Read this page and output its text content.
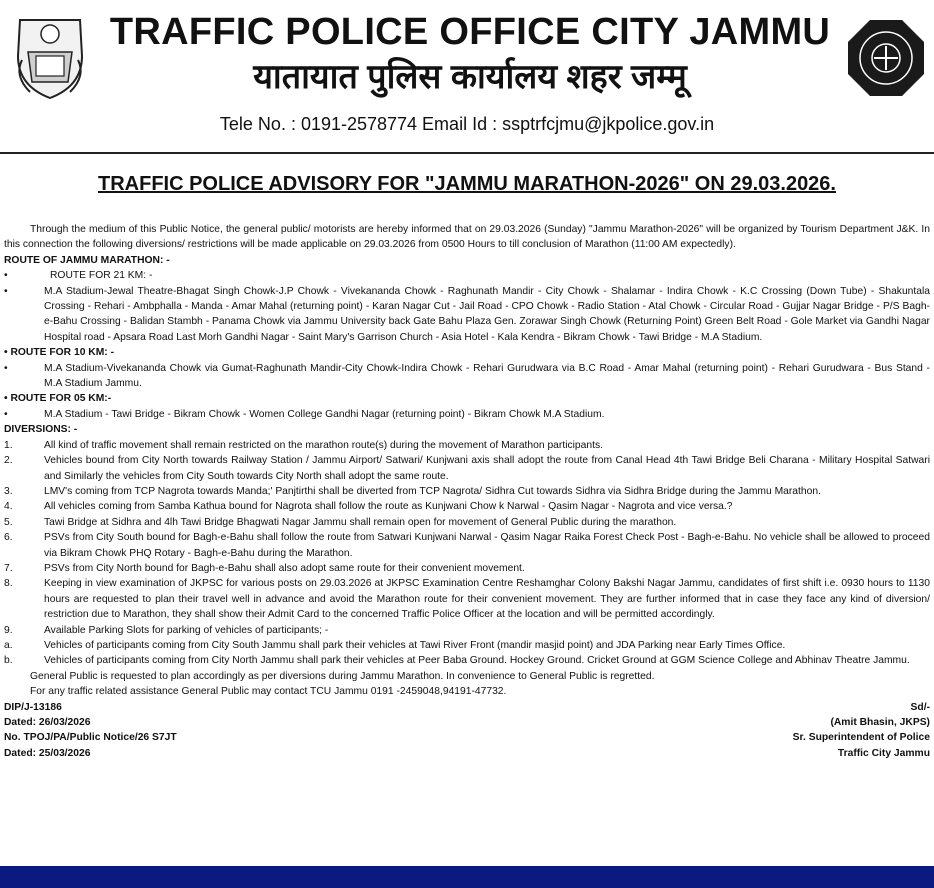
TRAFFIC POLICE OFFICE CITY JAMMU
यातायात पुलिस कार्यालय शहर जम्मू
Tele No. : 0191-2578774 Email Id : ssptrfcjmu@jkpolice.gov.in
TRAFFIC POLICE ADVISORY FOR "JAMMU MARATHON-2026" ON 29.03.2026.

Through the medium of this Public Notice, the general public/ motorists are hereby informed that on 29.03.2026 (Sunday) "Jammu Marathon-2026" will be organized by Tourism Department J&K. In this connection the following diversions/ restrictions will be made applicable on 29.03.2026 from 0500 Hours to till conclusion of Marathon (11:00 AM expectedly).

ROUTE OF JAMMU MARATHON: -

•	ROUTE FOR 21 KM: -
•	M.A Stadium-Jewal Theatre-Bhagat Singh Chowk-J.P Chowk - Vivekananda Chowk - Raghunath Mandir - City Chowk - Shalamar - Indira Chowk - K.C Crossing (Down Tube) - Shakuntala Crossing - Rehari - Ambphalla - Manda - Amar Mahal (returning point) - Karan Nagar Cut - Jail Road - CPO Chowk - Radio Station - Atal Chowk - Circular Road - Gujjar Nagar Bridge - P/S Bagh-e-Bahu Crossing - Balidan Stambh - Panama Chowk via Jammu University back Gate Bahu Plaza Gen. Zorawar Singh Chowk (Returning Point) Green Belt Road - Gole Market via Gandhi Nagar Hospital road - Apsara Road Last Morh Gandhi Nagar - Saint Mary's Garrison Church - Asia Hotel - Kala Kendra - Bikram Chowk - Tawi Bridge - M.A Stadium.

• ROUTE FOR 10 KM: -

•	M.A Stadium-Vivekananda Chowk via Gumat-Raghunath Mandir-City Chowk-Indira Chowk - Rehari Gurudwara via B.C Road - Amar Mahal (returning point) - Rehari Gurudwara - Bus Stand - M.A Stadium Jammu.

• ROUTE FOR 05 KM:-

•	M.A Stadium - Tawi Bridge - Bikram Chowk - Women College Gandhi Nagar (returning point) - Bikram Chowk M.A Stadium.

DIVERSIONS: -

1.	All kind of traffic movement shall remain restricted on the marathon route(s) during the movement of Marathon participants.
2.	Vehicles bound from City North towards Railway Station / Jammu Airport/ Satwari/ Kunjwani axis shall adopt the route from Canal Head 4th Tawi Bridge Beli Charana - Military Hospital Satwari and Similarly the vehicles from City South towards City North shall adopt the same route.
3.	LMV's coming from TCP Nagrota towards Manda;' Panjtirthi shall be diverted from TCP Nagrota/ Sidhra Cut towards Sidhra via Sidhra Bridge during the Jammu Marathon.
4.	All vehicles coming from Samba Kathua bound for Nagrota shall follow the route as Kunjwani Chow k Narwal - Qasim Nagar - Nagrota and vice versa.?
5.	Tawi Bridge at Sidhra and 4lh Tawi Bridge Bhagwati Nagar Jammu shall remain open for movement of General Public during the marathon.
6.	PSVs from City South bound for Bagh-e-Bahu shall follow the route from Satwari Kunjwani Narwal - Qasim Nagar Raika Forest Check Post - Bagh-e-Bahu. No vehicle shall be allowed to proceed via Bikram Chowk PHQ Rotary - Bagh-e-Bahu during the Marathon.
7.	PSVs from City North bound for Bagh-e-Bahu shall also adopt same route for their convenient movement.
8.	Keeping in view examination of JKPSC for various posts on 29.03.2026 at JKPSC Examination Centre Reshamghar Colony Bakshi Nagar Jammu, candidates of first shift i.e. 0930 hours to 1130 hours are requested to plan their travel well in advance and avoid the Marathon route for their convenient movement. They are further informed that in case they face any kind of diversion/ restriction due to Marathon, they shall show their Admit Card to the concerned Traffic Police Officer at the location and will be permitted accordingly.
9.	Available Parking Slots for parking of vehicles of participants; -
a.	Vehicles of participants coming from City South Jammu shall park their vehicles at Tawi River Front (mandir masjid point) and JDA Parking near Early Times Office.
b.	Vehicles of participants coming from City North Jammu shall park their vehicles at Peer Baba Ground. Hockey Ground. Cricket Ground at GGM Science College and Abhinav Theatre Jammu.

General Public is requested to plan accordingly as per diversions during Jammu Marathon. In convenience to General Public is regretted.

For any traffic related assistance General Public may contact TCU Jammu 0191 -2459048,94191-47732.

DIP/J-13186	Sd/-
Dated: 26/03/2026	(Amit Bhasin, JKPS)
No. TPOJ/PA/Public Notice/26 S7JT	Sr. Superintendent of Police
Dated: 25/03/2026	Traffic City Jammu
